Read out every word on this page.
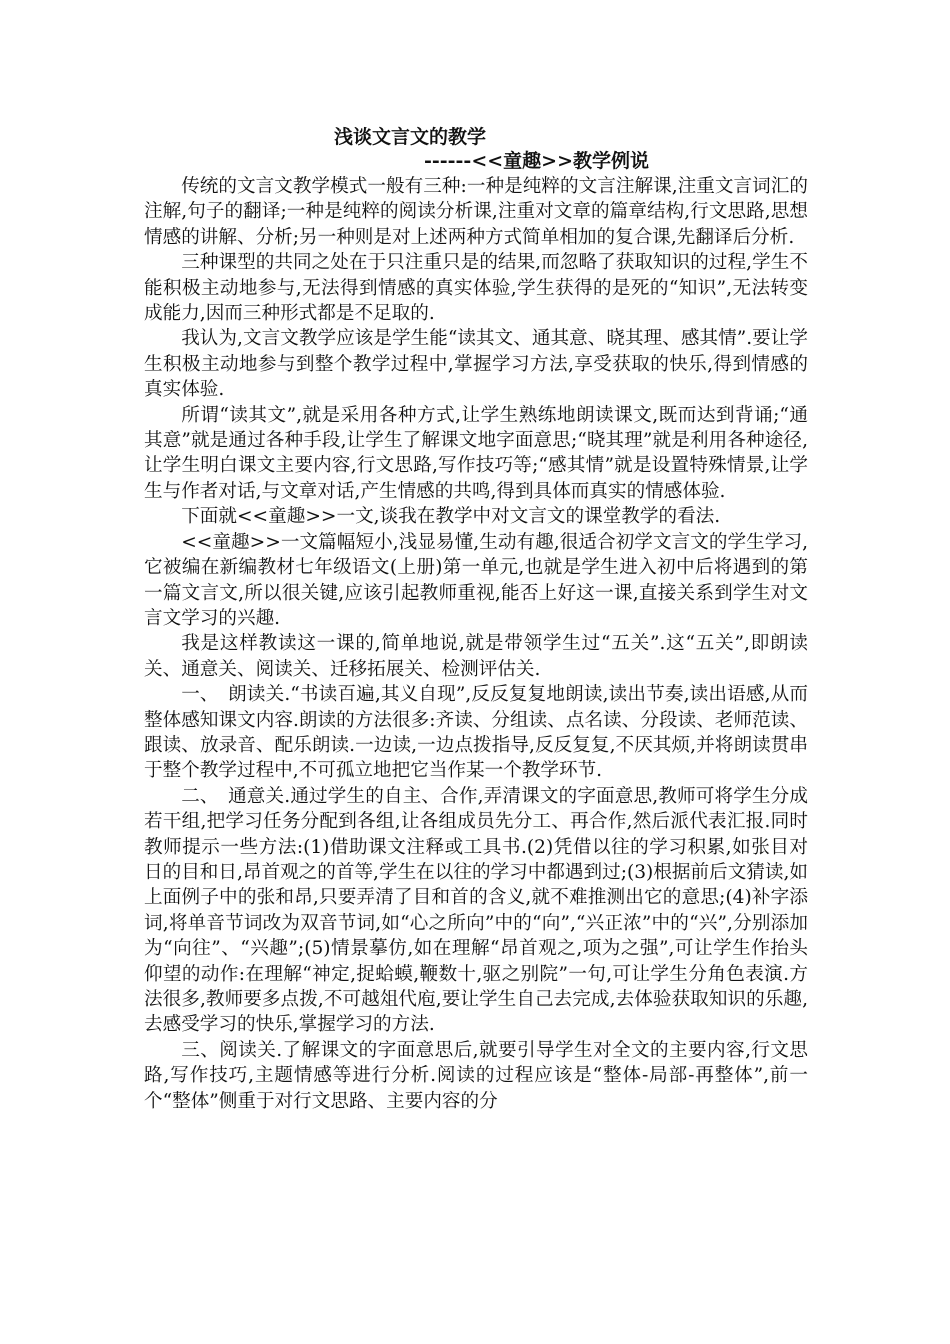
浅谈文言文的教学
------<<童趣>>教学例说

传统的文言文教学模式一般有三种:一种是纯粹的文言注解课,注重文言词汇的注解,句子的翻译;一种是纯粹的阅读分析课,注重对文章的篇章结构,行文思路,思想情感的讲解、分析;另一种则是对上述两种方式简单相加的复合课,先翻译后分析.

三种课型的共同之处在于只注重只是的结果,而忽略了获取知识的过程,学生不能积极主动地参与,无法得到情感的真实体验,学生获得的是死的“知识”,无法转变成能力,因而三种形式都是不足取的.

我认为,文言文教学应该是学生能“读其文、通其意、晓其理、感其情”.要让学生积极主动地参与到整个教学过程中,掌握学习方法,享受获取的快乐,得到情感的真实体验.

所谓“读其文”,就是采用各种方式,让学生熟练地朗读课文,既而达到背诵;“通其意”就是通过各种手段,让学生了解课文地字面意思;“晓其理”就是利用各种途径,让学生明白课文主要内容,行文思路,写作技巧等;“感其情”就是设置特殊情景,让学生与作者对话,与文章对话,产生情感的共鸣,得到具体而真实的情感体验.

下面就<<童趣>>一文,谈我在教学中对文言文的课堂教学的看法.

<<童趣>>一文篇幅短小,浅显易懂,生动有趣,很适合初学文言文的学生学习,它被编在新编教材七年级语文(上册)第一单元,也就是学生进入初中后将遇到的第一篇文言文,所以很关键,应该引起教师重视,能否上好这一课,直接关系到学生对文言文学习的兴趣.

我是这样教读这一课的,简单地说,就是带领学生过“五关”.这“五关”,即朗读关、通意关、阅读关、迁移拓展关、检测评估关.

一、　朗读关.“书读百遍,其义自现”,反反复复地朗读,读出节奏,读出语感,从而整体感知课文内容.朗读的方法很多:齐读、分组读、点名读、分段读、老师范读、跟读、放录音、配乐朗读.一边读,一边点拨指导,反反复复,不厌其烦,并将朗读贯串于整个教学过程中,不可孤立地把它当作某一个教学环节.

二、　通意关.通过学生的自主、合作,弄清课文的字面意思,教师可将学生分成若干组,把学习任务分配到各组,让各组成员先分工、再合作,然后派代表汇报.同时教师提示一些方法:(1)借助课文注释或工具书.(2)凭借以往的学习积累,如张目对日的目和日,昂首观之的首等,学生在以往的学习中都遇到过;(3)根据前后文猜读,如上面例子中的张和昂,只要弄清了目和首的含义,就不难推测出它的意思;(4)补字添词,将单音节词改为双音节词,如“心之所向”中的“向”,“兴正浓”中的“兴”,分别添加为“向往”、“兴趣”;(5)情景摹仿,如在理解“昂首观之,项为之强”,可让学生作抬头仰望的动作:在理解“神定,捉蛤蟆,鞭数十,驱之别院”一句,可让学生分角色表演.方法很多,教师要多点拨,不可越俎代庖,要让学生自己去完成,去体验获取知识的乐趣,去感受学习的快乐,掌握学习的方法.

三、阅读关.了解课文的字面意思后,就要引导学生对全文的主要内容,行文思路,写作技巧,主题情感等进行分析.阅读的过程应该是“整体-局部-再整体”,前一个“整体”侧重于对行文思路、主要内容的分
